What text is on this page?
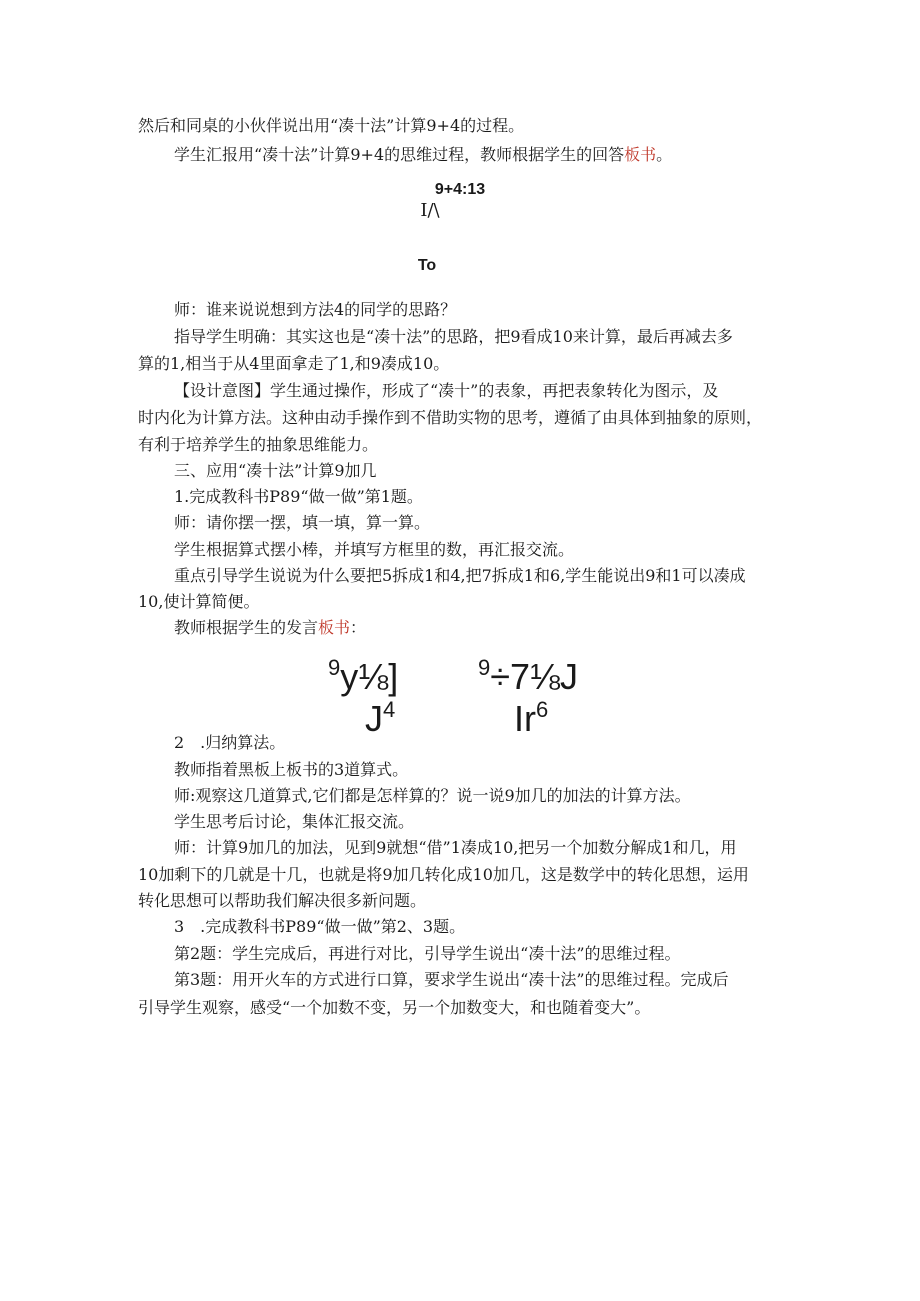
然后和同桌的小伙伴说出用“凑十法”计算9+4的过程。
学生汇报用“凑十法”计算9+4的思维过程，教师根据学生的回答板书。
9+4:13
I/\
To
师：谁来说说想到方法4的同学的思路？
指导学生明确：其实这也是“凑十法”的思路，把9看成10来计算，最后再减去多
算的1,相当于从4里面拿走了1,和9凑成10。
【设计意图】学生通过操作，形成了“凑十”的表象，再把表象转化为图示，及
时内化为计算方法。这种由动手操作到不借助实物的思考，遵循了由具体到抽象的原则，
有利于培养学生的抽象思维能力。
三、应用“凑十法”计算9加几
1.完成教科书P89“做一做”第1题。
师：请你摆一摆，填一填，算一算。
学生根据算式摆小棒，并填写方框里的数，再汇报交流。
重点引导学生说说为什么要把5拆成1和4,把7拆成1和6,学生能说出9和1可以凑成
10,使计算简便。
教师根据学生的发言板书：
$^9$y⅛]	$^9$÷7⅛J
$J^4$	Ir$^6$
2　.归纳算法。
教师指着黑板上板书的3道算式。
师:观察这几道算式,它们都是怎样算的？说一说9加几的加法的计算方法。
学生思考后讨论，集体汇报交流。
师：计算9加几的加法，见到9就想“借”1凑成10,把另一个加数分解成1和几，用
10加剩下的几就是十几，也就是将9加几转化成10加几，这是数学中的转化思想，运用
转化思想可以帮助我们解决很多新问题。
3　.完成教科书P89“做一做”第2、3题。
第2题：学生完成后，再进行对比，引导学生说出“凑十法”的思维过程。
第3题：用开火车的方式进行口算，要求学生说出“凑十法”的思维过程。完成后
引导学生观察，感受“一个加数不变，另一个加数变大，和也随着变大”。
